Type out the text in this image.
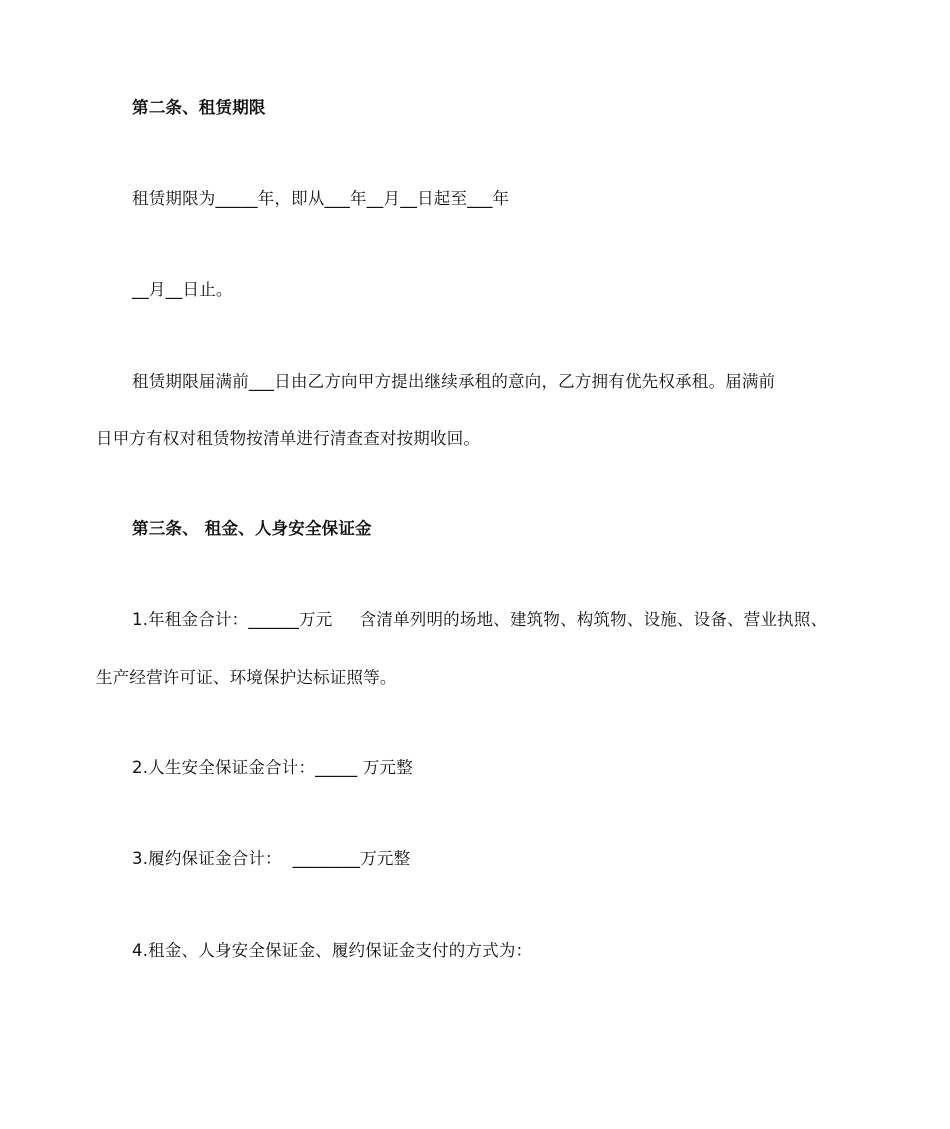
第二条、租赁期限
租赁期限为_____年，即从___年__月__日起至___年
__月__日止。
租赁期限届满前___日由乙方向甲方提出继续承租的意向，乙方拥有优先权承租。届满前
日甲方有权对租赁物按清单进行清查查对按期收回。
第三条、 租金、人身安全保证金
1.年租金合计：______万元     含清单列明的场地、建筑物、构筑物、设施、设备、营业执照、
生产经营许可证、环境保护达标证照等。
2.人生安全保证金合计：_____ 万元整
3.履约保证金合计：  ________万元整
4.租金、人身安全保证金、履约保证金支付的方式为：
